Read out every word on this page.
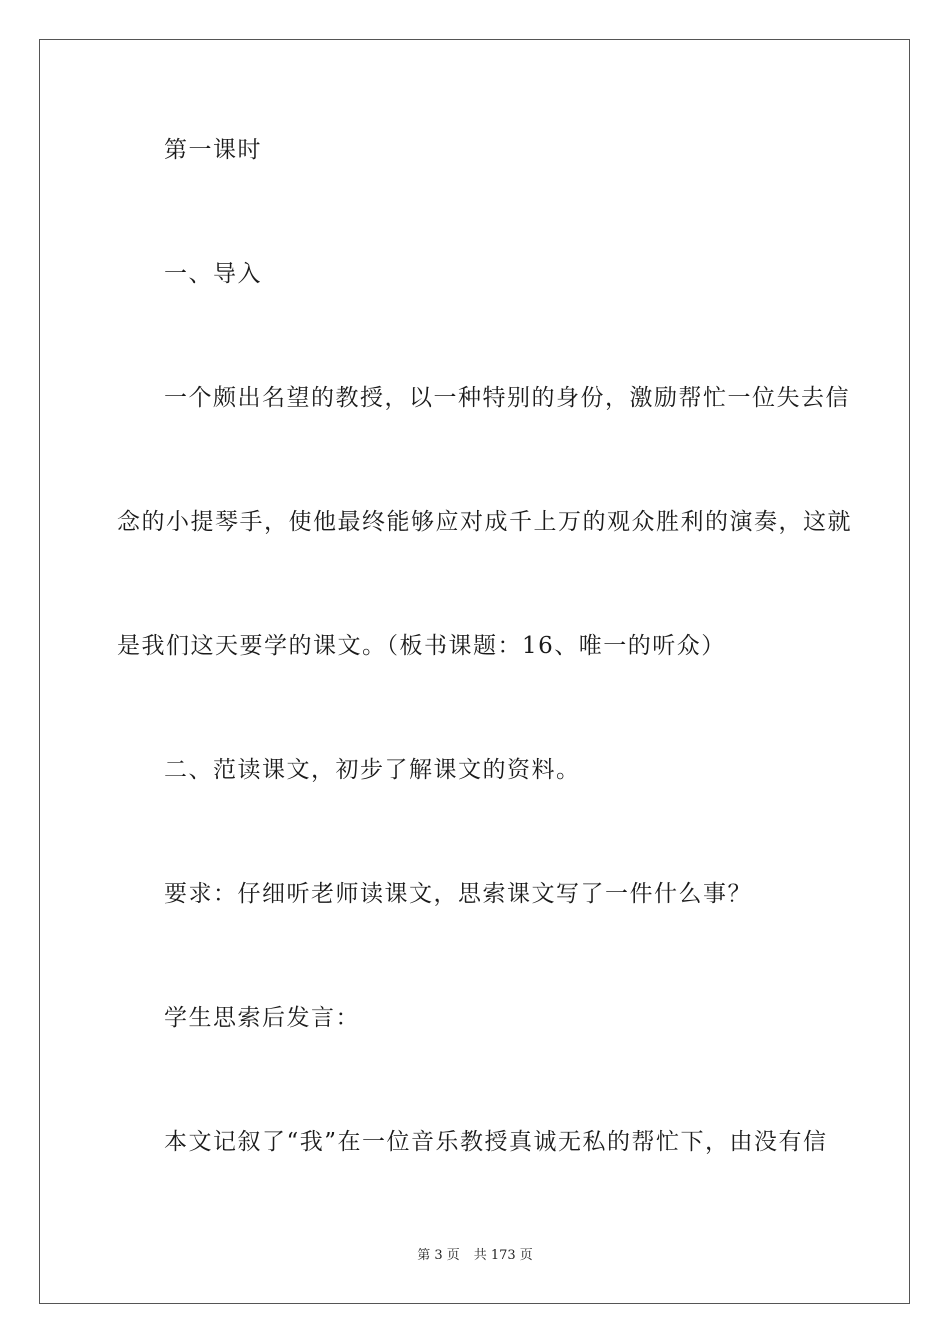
第一课时
一、导入
一个颇出名望的教授，以一种特别的身份，激励帮忙一位失去信
念的小提琴手，使他最终能够应对成千上万的观众胜利的演奏，这就
是我们这天要学的课文。（板书课题：16、唯一的听众）
二、范读课文，初步了解课文的资料。
要求：仔细听老师读课文，思索课文写了一件什么事？
学生思索后发言：
本文记叙了“我”在一位音乐教授真诚无私的帮忙下，由没有信
第 3 页 共 173 页
